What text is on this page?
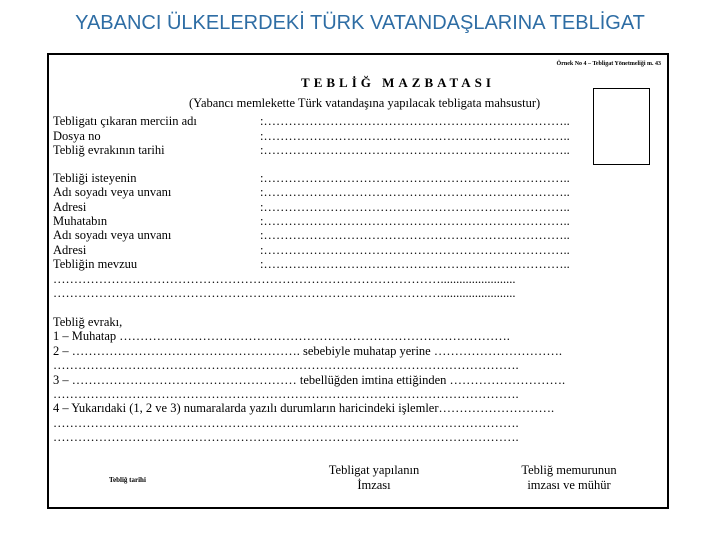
YABANCI ÜLKELERDEKİ TÜRK VATANDAŞLARINA TEBLİGAT
Örnek No 4 – Tebligat Yönetmeliği m. 43
TEBLİĞ MAZBATASI
(Yabancı memlekette Türk vatandaşına yapılacak tebligata mahsustur)
Tebligatı çıkaran merciin adı	:………………………………………………………………..
Dosya no	:………………………………………………………………..
Tebliğ evrakının tarihi	:………………………………………………………………..
Tebliği isteyenin	:………………………………………………………………..
Adı soyadı veya unvanı	:………………………………………………………………..
Adresi	:………………………………………………………………..
Muhatabın	:………………………………………………………………..
Adı soyadı veya unvanı	:………………………………………………………………..
Adresi	:………………………………………………………………..
Tebliğin mevzuu	:………………………………………………………………..
…………………………………………………………………………………........................
…………………………………………………………………………………........................
Tebliğ evrakı,
1 – Muhatap ………………………………………………………………………………….
2 – ………………………………………………. sebebiyle muhatap yerine ………………………….
………………………………………………………………………………………………….
3 – ……………………………………………… tebellüğden imtina ettiğinden ……………………….
………………………………………………………………………………………………….
4 – Yukarıdaki (1, 2 ve 3) numaralarda yazılı durumların haricindeki işlemler……………………….
………………………………………………………………………………………………….
………………………………………………………………………………………………….
Tebliğ tarihi
Tebligat yapılanın
İmzası
Tebliğ memurunun
imzası ve mühür
